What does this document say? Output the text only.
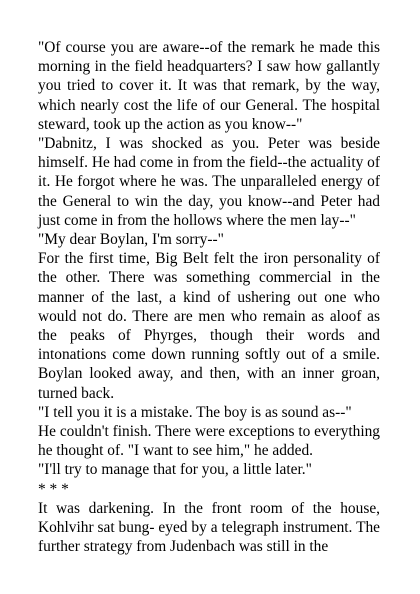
"Of course you are aware--of the remark he made this morning in the field headquarters? I saw how gallantly you tried to cover it. It was that remark, by the way, which nearly cost the life of our General. The hospital steward, took up the action as you know--"

"Dabnitz, I was shocked as you. Peter was beside himself. He had come in from the field--the actuality of it. He forgot where he was. The unparalleled energy of the General to win the day, you know--and Peter had just come in from the hollows where the men lay--"

"My dear Boylan, I'm sorry--"

For the first time, Big Belt felt the iron personality of the other. There was something commercial in the manner of the last, a kind of ushering out one who would not do. There are men who remain as aloof as the peaks of Phyrges, though their words and intonations come down running softly out of a smile. Boylan looked away, and then, with an inner groan, turned back.

"I tell you it is a mistake. The boy is as sound as--"

He couldn't finish. There were exceptions to everything he thought of. "I want to see him," he added.

"I'll try to manage that for you, a little later."

* * *

It was darkening. In the front room of the house, Kohlvihr sat bung- eyed by a telegraph instrument. The further strategy from Judenbach was still in the
